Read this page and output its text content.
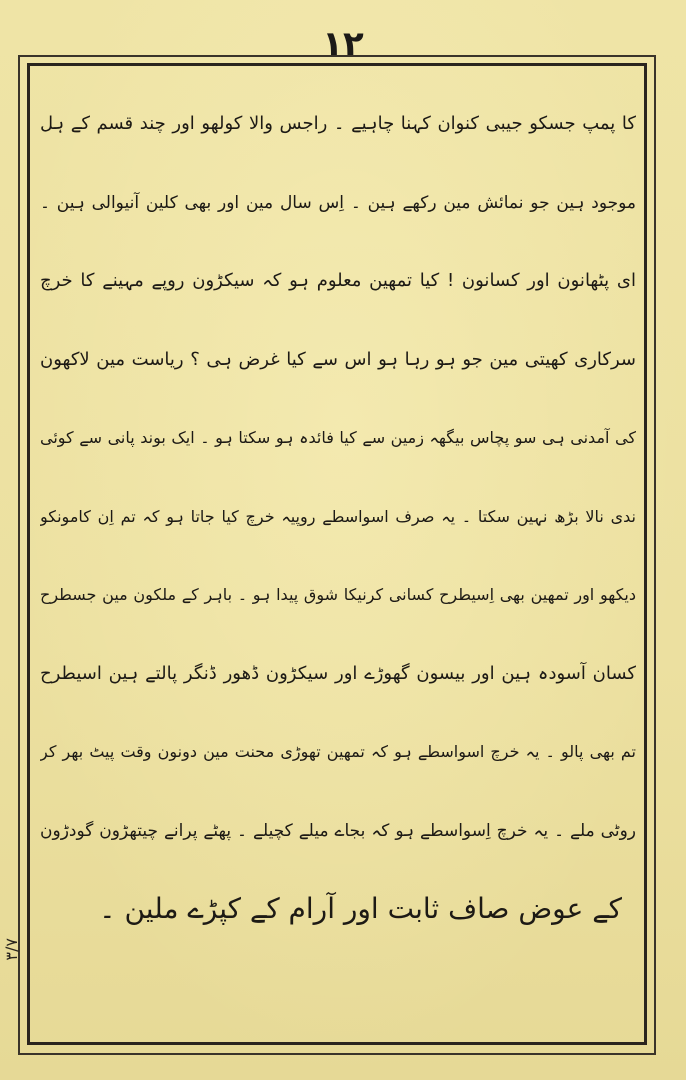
۱۲
کا پمپ جسکو جیبی کنوان کہنا چاہیے ۔ راجس والا کولھو اور چند قسم کے ہل
موجود ہین جو نمائش مین رکھے ہین ۔ اِس سال مین اور بھی کلین آنیوالی ہین ۔
ای پٹھانون اور کسانون ! کیا تمھین معلوم ہو کہ سیکڑون روپے مہینے کا خرچ
سرکاری کھیتی مین جو ہو رہا ہو اس سے کیا غرض ہی ؟ ریاست مین لاکھون
کی آمدنی ہی سو پچاس بیگھہ زمین سے کیا فائدہ ہو سکتا ہو ۔ ایک بوند پانی سے کوئی
ندی نالا بڑھ نہین سکتا ۔ یہ صرف اسواسطے روپیہ خرچ کیا جاتا ہو کہ تم اِن کامونکو
دیکھو اور تمھین بھی اِسیطرح کسانی کرنیکا شوق پیدا ہو ۔ باہر کے ملکون مین جسطرح
کسان آسودہ ہین اور بیسون گھوڑے اور سیکڑون ڈھور ڈنگر پالتے ہین اسیطرح
تم بھی پالو ۔ یہ خرچ اسواسطے ہو کہ تمھین تھوڑی محنت مین دونون وقت پیٹ بھر کر
روٹی ملے ۔ یہ خرچ اِسواسطے ہو کہ بجاے میلے کچیلے ۔ پھٹے پرانے چیتھڑون گودڑون
کے عوض صاف ثابت اور آرام کے کپڑے ملین ۔
۳/۷
